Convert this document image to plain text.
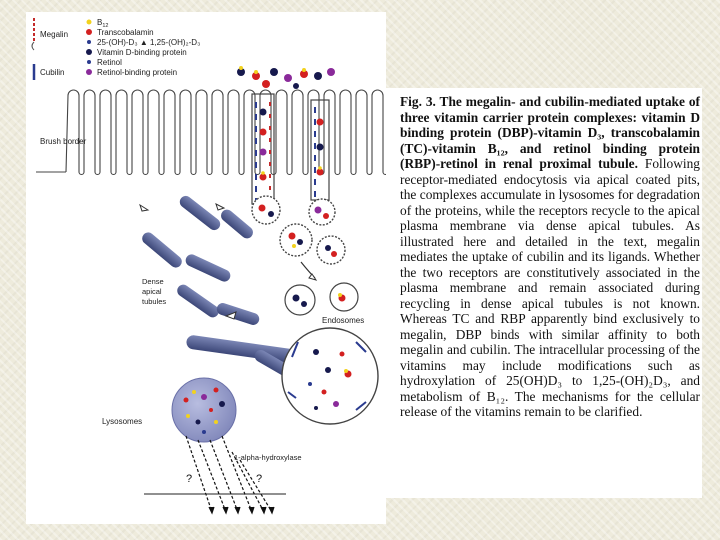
Megalin
Cubilin
$B_{12}$
Transcobalamin
25-(OH)-D₃ ▲ 1,25-(OH)₂-D₃
Vitamin D-binding protein
Retinol
Retinol-binding protein
Brush border
Dense
apical
tubules
Endosomes
Lysosomes
1-alpha-hydroxylase
?	?

Fig. 3. The megalin- and cubilin-mediated uptake of three vitamin carrier protein complexes: vitamin D binding protein (DBP)-vitamin D₃, transcobalamin (TC)-vitamin B₁₂, and retinol binding protein (RBP)-retinol in renal proximal tubule. Following receptor-mediated endocytosis via apical coated pits, the complexes accumulate in lysosomes for degradation of the proteins, while the receptors recycle to the apical plasma membrane via dense apical tubules. As illustrated here and detailed in the text, megalin mediates the uptake of cubilin and its ligands. Whether the two receptors are constitutively associated in the plasma membrane and remain associated during recycling in dense apical tubules is not known. Whereas TC and RBP apparently bind exclusively to megalin, DBP binds with similar affinity to both megalin and cubilin. The intracellular processing of the vitamins may include modifications such as hydroxylation of 25(OH)D₃ to 1,25-(OH)₂D₃, and metabolism of B₁₂. The mechanisms for the cellular release of the vitamins remain to be clarified.
